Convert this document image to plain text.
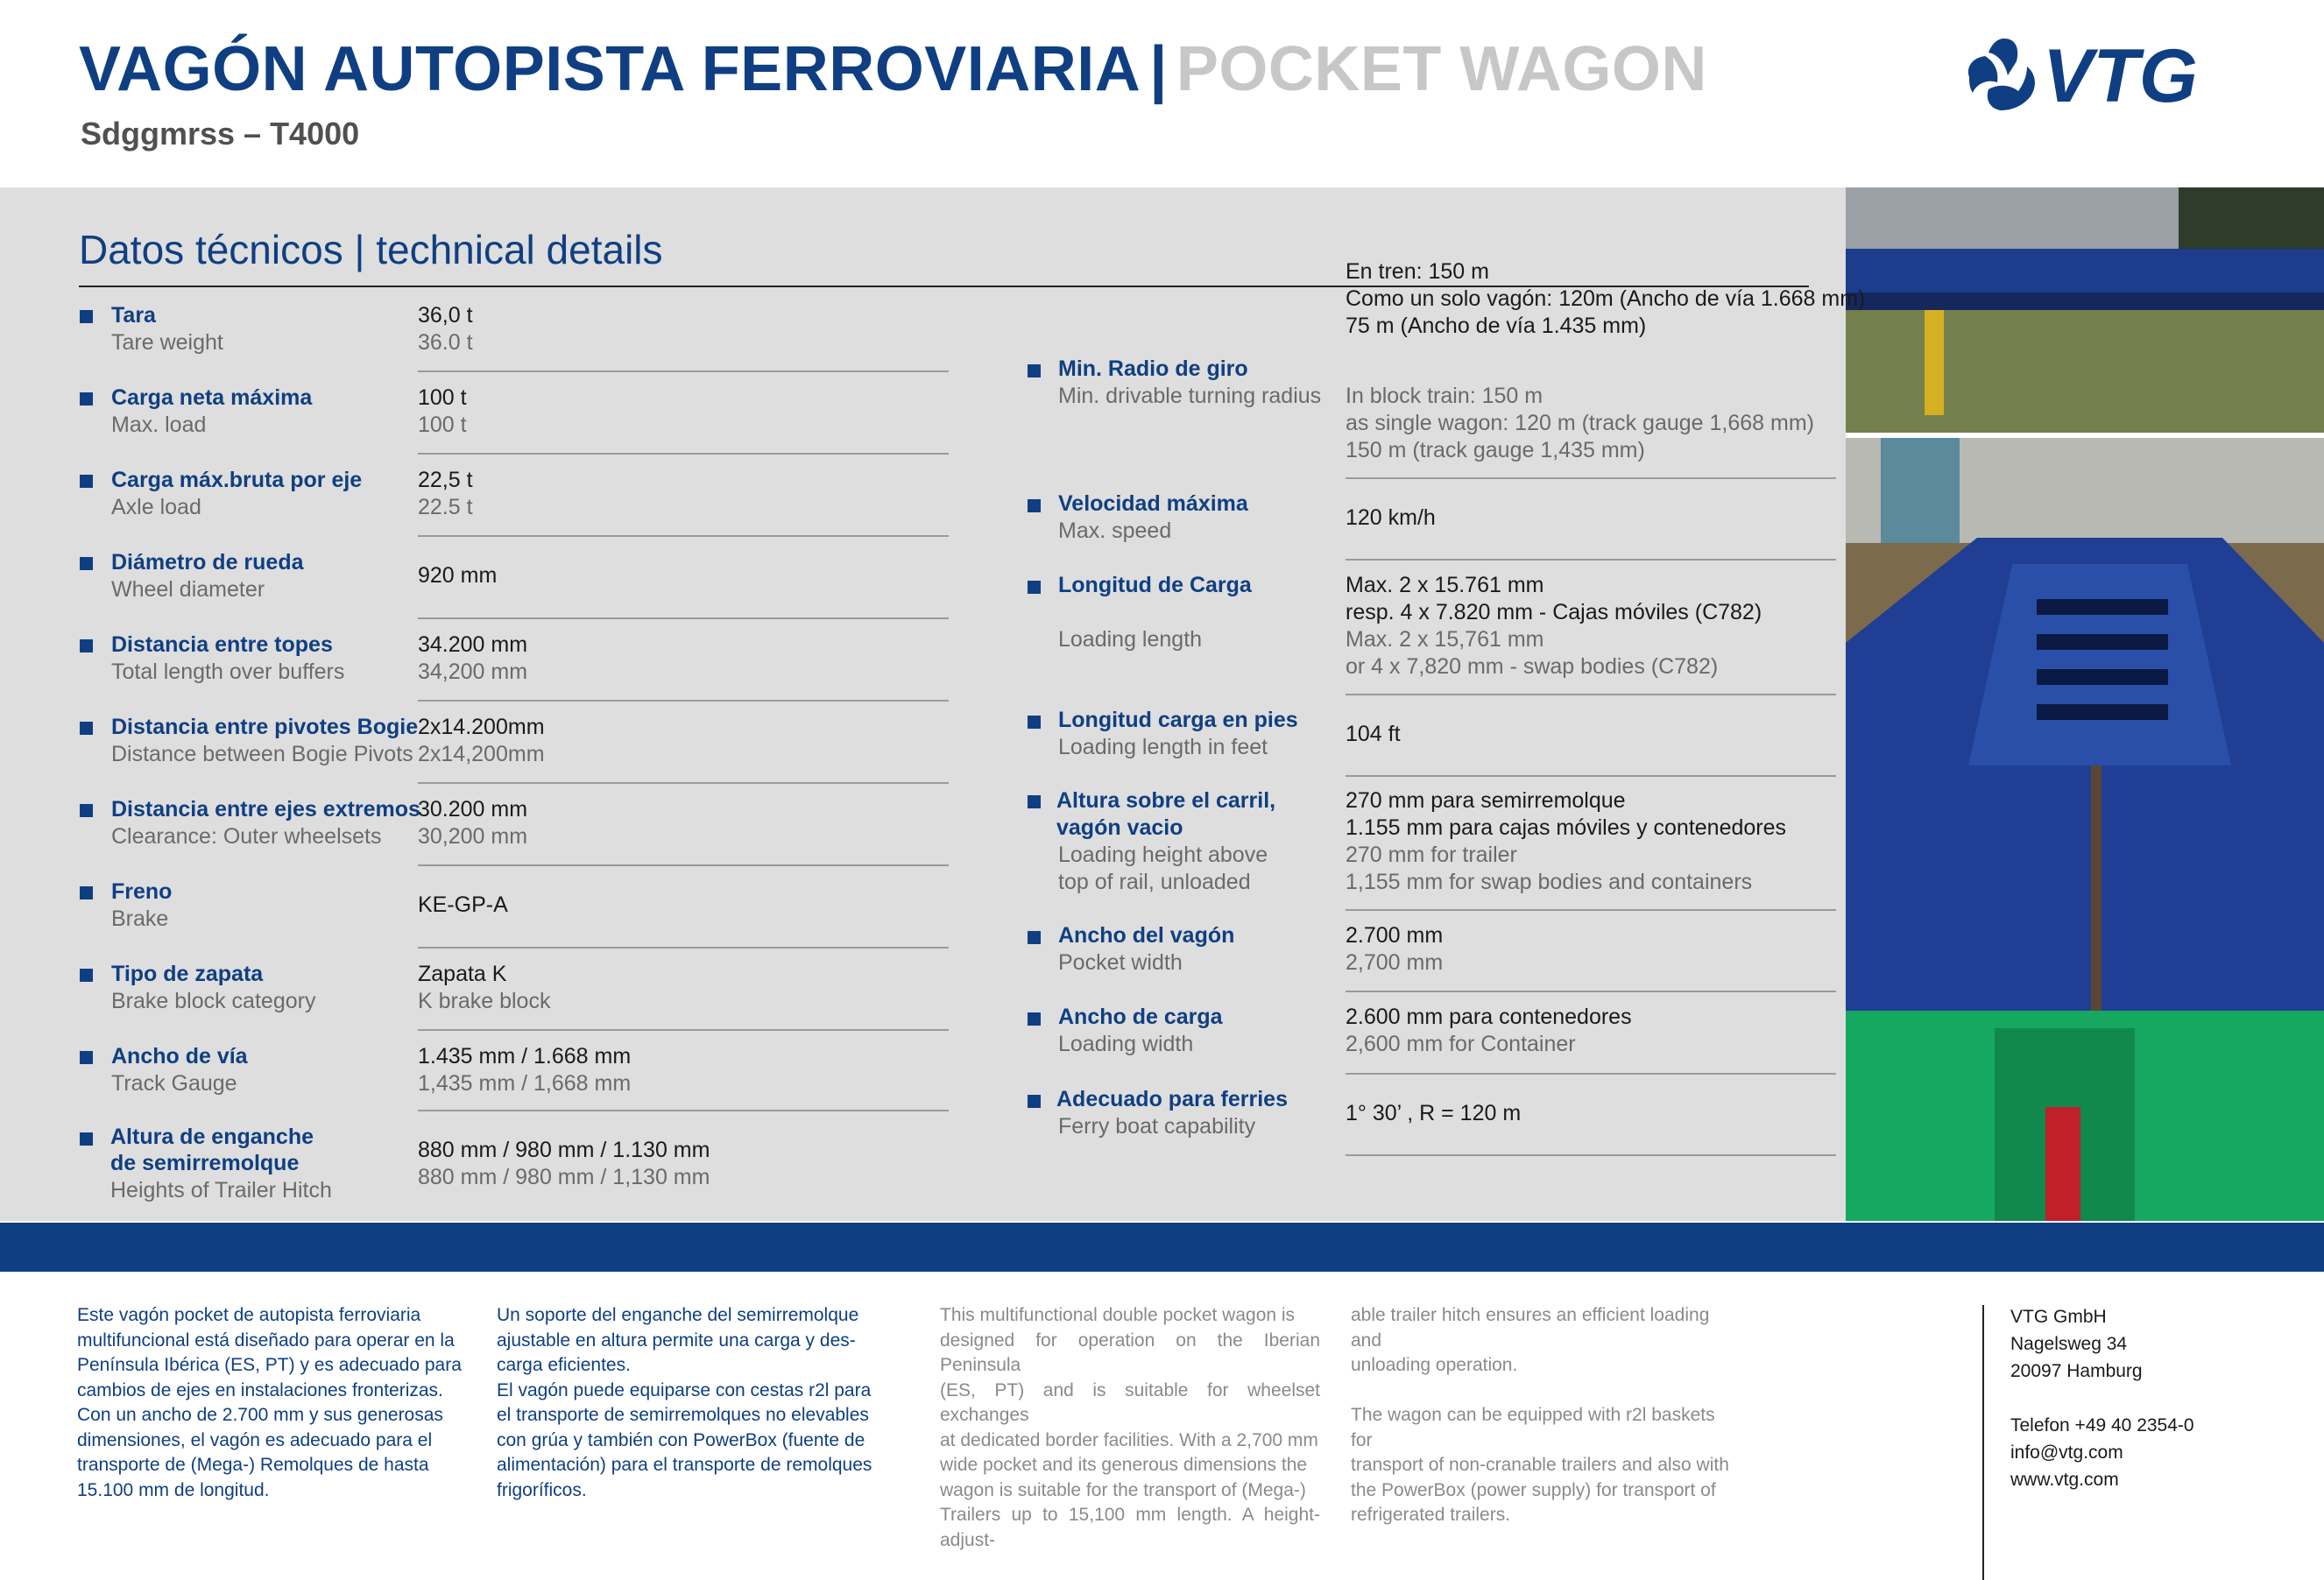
VAGÓN AUTOPISTA FERROVIARIA | POCKET WAGON
Sdggmrss – T4000
VTG
Datos técnicos | technical details
Tara
Tare weight
36,0 t
36.0 t
Carga neta máxima
Max. load
100 t
100 t
Carga máx.bruta por eje
Axle load
22,5 t
22.5 t
Diámetro de rueda
Wheel diameter
920 mm
Distancia entre topes
Total length over buffers
34.200 mm
34,200 mm
Distancia entre pivotes Bogie
Distance between Bogie Pivots
2x14.200mm
2x14,200mm
Distancia entre ejes extremos
Clearance: Outer wheelsets
30.200 mm
30,200 mm
Freno
Brake
KE-GP-A
Tipo de zapata
Brake block category
Zapata K
K brake block
Ancho de vía
Track Gauge
1.435 mm / 1.668 mm
1,435 mm / 1,668 mm
Altura de enganche
de semirremolque
Heights of Trailer Hitch
880 mm / 980 mm / 1.130 mm
880 mm / 980 mm / 1,130 mm
En tren: 150 m
Como un solo vagón: 120m (Ancho de vía 1.668 mm)
75 m (Ancho de vía 1.435 mm)
Min. Radio de giro
Min. drivable turning radius In block train: 150 m
as single wagon: 120 m (track gauge 1,668 mm)
150 m (track gauge 1,435 mm)
Velocidad máxima
Max. speed
120 km/h
Longitud de Carga
Loading length
Max. 2 x 15.761 mm
resp. 4 x 7.820 mm - Cajas móviles (C782)
Max. 2 x 15,761 mm
or 4 x 7,820 mm - swap bodies (C782)
Longitud carga en pies
Loading length in feet
104 ft
Altura sobre el carril,
vagón vacio
Loading height above
top of rail, unloaded
270 mm para semirremolque
1.155 mm para cajas móviles y contenedores
270 mm for trailer
1,155 mm for swap bodies and containers
Ancho del vagón
Pocket width
2.700 mm
2,700 mm
Ancho de carga
Loading width
2.600 mm para contenedores
2,600 mm for Container
Adecuado para ferries
Ferry boat capability
1° 30’ , R = 120 m
Este vagón pocket de autopista ferroviaria
multifuncional está diseñado para operar en la
Península Ibérica (ES, PT) y es adecuado para
cambios de ejes en instalaciones fronterizas.
Con un ancho de 2.700 mm y sus generosas
dimensiones, el vagón es adecuado para el
transporte de (Mega-) Remolques de hasta
15.100 mm de longitud.
Un soporte del enganche del semirremolque
ajustable en altura permite una carga y des-
carga eficientes.
El vagón puede equiparse con cestas r2l para
el transporte de semirremolques no elevables
con grúa y también con PowerBox (fuente de
alimentación) para el transporte de remolques
frigoríficos.
This multifunctional double pocket wagon is
designed for operation on the Iberian Peninsula
(ES, PT) and is suitable for wheelset exchanges
at dedicated border facilities. With a 2,700 mm
wide pocket and its generous dimensions the
wagon is suitable for the transport of (Mega-)
Trailers up to 15,100 mm length. A height-adjust-
able trailer hitch ensures an efficient loading and
unloading operation.
The wagon can be equipped with r2l baskets for
transport of non-cranable trailers and also with
the PowerBox (power supply) for transport of
refrigerated trailers.
VTG GmbH
Nagelsweg 34
20097 Hamburg
Telefon +49 40 2354-0
info@vtg.com
www.vtg.com
